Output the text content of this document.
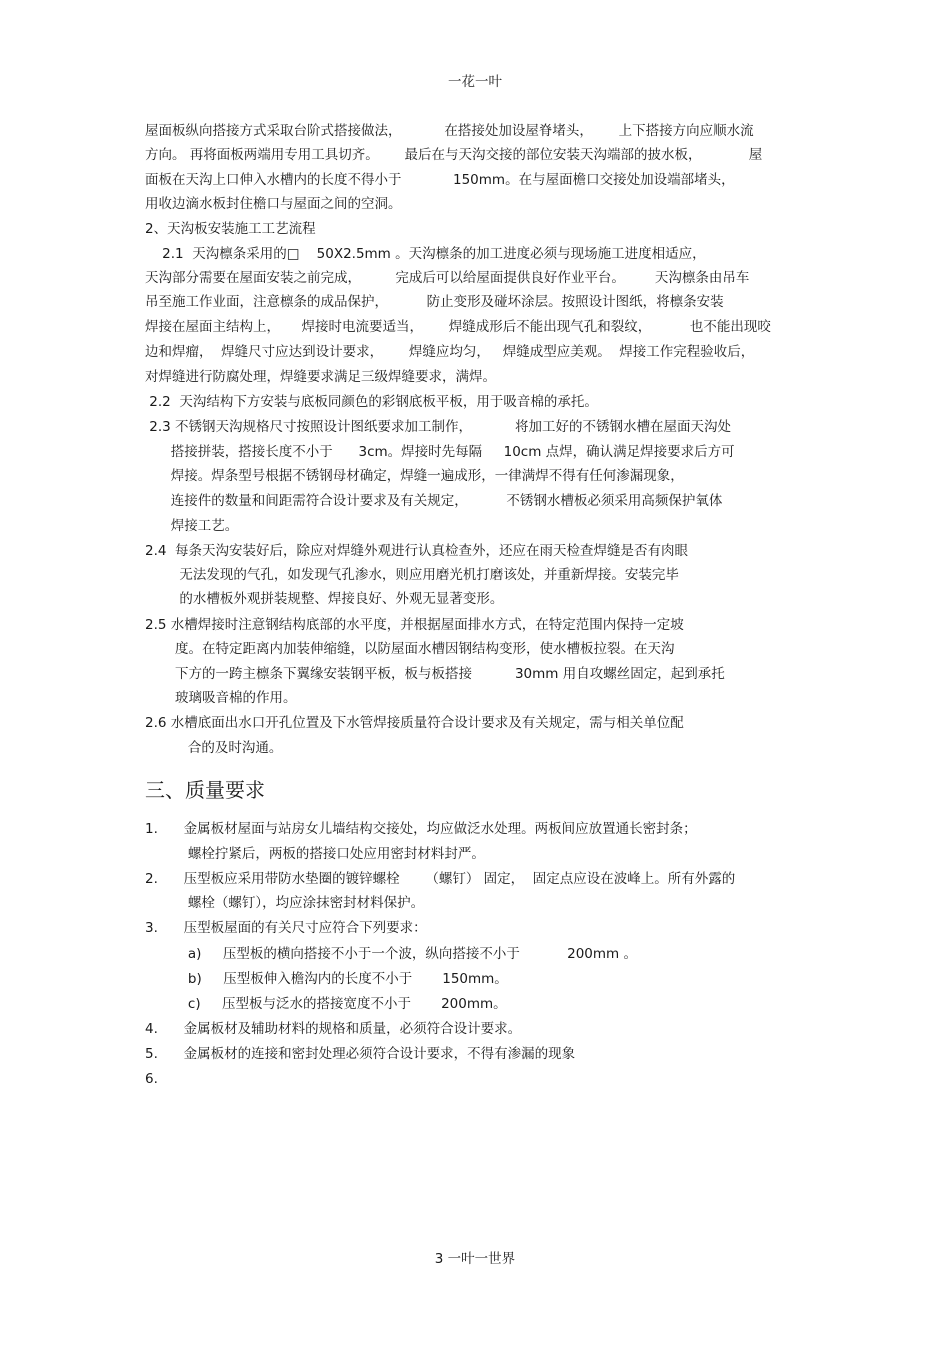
一花一叶
屋面板纵向搭接方式采取台阶式搭接做法，          在搭接处加设屋脊堵头，      上下搭接方向应顺水流
方向。 再将面板两端用专用工具切齐。      最后在与天沟交接的部位安装天沟端部的披水板，           屋
面板在天沟上口伸入水槽内的长度不得小于            150mm。在与屋面檐口交接处加设端部堵头，
用收边滴水板封住檐口与屋面之间的空洞。
2、天沟板安装施工工艺流程
2.1  天沟檩条采用的□    50X2.5mm 。天沟檩条的加工进度必须与现场施工进度相适应，
天沟部分需要在屋面安装之前完成，        完成后可以给屋面提供良好作业平台。       天沟檩条由吊车
吊至施工作业面，注意檩条的成品保护，         防止变形及碰坏涂层。按照设计图纸，将檩条安装
焊接在屋面主结构上，     焊接时电流要适当，      焊缝成形后不能出现气孔和裂纹，         也不能出现咬
边和焊瘤，  焊缝尺寸应达到设计要求，      焊缝应均匀，   焊缝成型应美观。  焊接工作完程验收后，
对焊缝进行防腐处理，焊缝要求满足三级焊缝要求，满焊。
2.2  天沟结构下方安装与底板同颜色的彩钢底板平板，用于吸音棉的承托。
2.3 不锈钢天沟规格尺寸按照设计图纸要求加工制作，          将加工好的不锈钢水槽在屋面天沟处
搭接拼装，搭接长度不小于      3cm。焊接时先每隔     10cm 点焊，确认满足焊接要求后方可
焊接。焊条型号根据不锈钢母材确定，焊缝一遍成形，一律满焊不得有任何渗漏现象，
连接件的数量和间距需符合设计要求及有关规定，         不锈钢水槽板必须采用高频保护氧体
焊接工艺。
2.4  每条天沟安装好后，除应对焊缝外观进行认真检查外，还应在雨天检查焊缝是否有肉眼
无法发现的气孔，如发现气孔渗水，则应用磨光机打磨该处，并重新焊接。安装完毕
的水槽板外观拼装规整、焊接良好、外观无显著变形。
2.5 水槽焊接时注意钢结构底部的水平度，并根据屋面排水方式，在特定范围内保持一定坡
度。在特定距离内加装伸缩缝，以防屋面水槽因钢结构变形，使水槽板拉裂。在天沟
下方的一跨主檩条下翼缘安装钢平板，板与板搭接          30mm 用自攻螺丝固定，起到承托
玻璃吸音棉的作用。
2.6 水槽底面出水口开孔位置及下水管焊接质量符合设计要求及有关规定，需与相关单位配
合的及时沟通。
三、质量要求
1.      金属板材屋面与站房女儿墙结构交接处，均应做泛水处理。两板间应放置通长密封条；
螺栓拧紧后，两板的搭接口处应用密封材料封严。
2.      压型板应采用带防水垫圈的镀锌螺栓      （螺钉） 固定，  固定点应设在波峰上。所有外露的
螺栓（螺钉），均应涂抹密封材料保护。
3.      压型板屋面的有关尺寸应符合下列要求：
a)     压型板的横向搭接不小于一个波，纵向搭接不小于           200mm 。
b)     压型板伸入檐沟内的长度不小于       150mm。
c)     压型板与泛水的搭接宽度不小于       200mm。
4.      金属板材及辅助材料的规格和质量，必须符合设计要求。
5.      金属板材的连接和密封处理必须符合设计要求，不得有渗漏的现象
6.
3 一叶一世界
